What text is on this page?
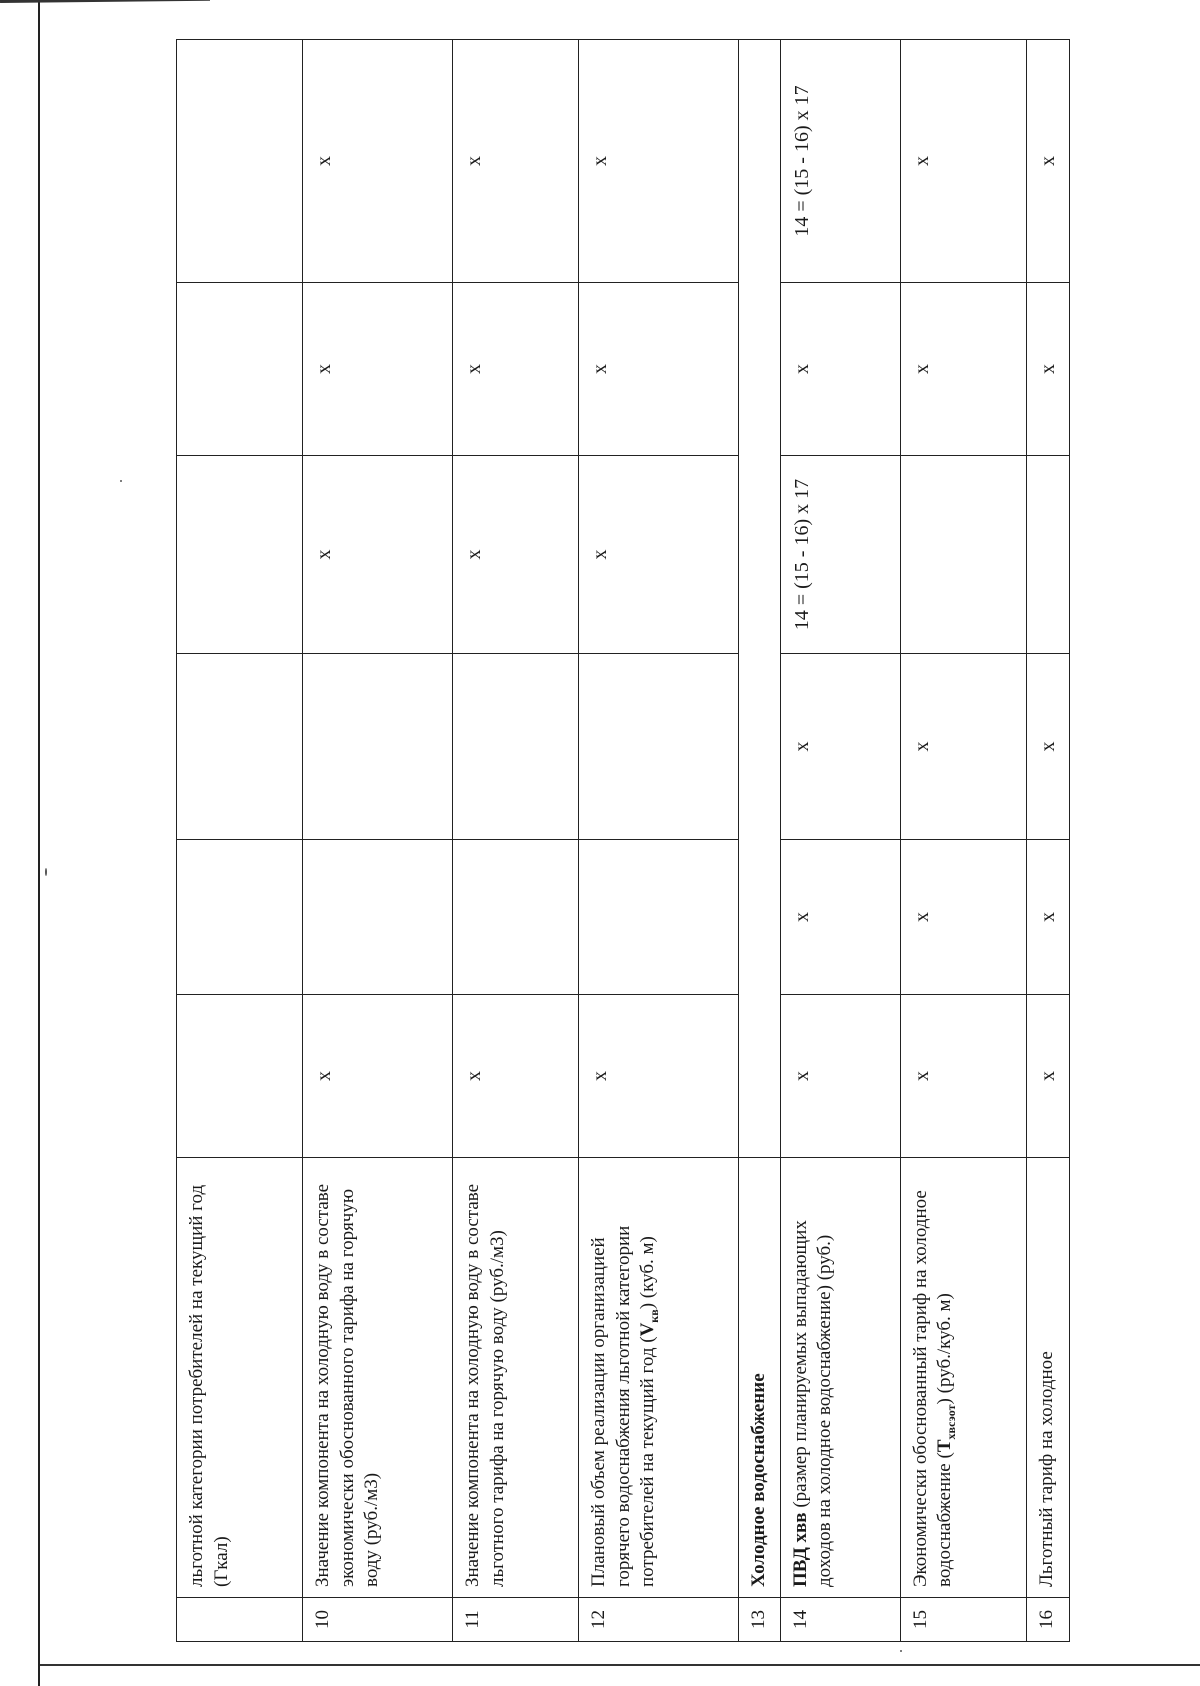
	льготной категории потребителей на текущий год (Гкал)						
10	Значение компонента на холодную воду в составе экономически обоснованного тарифа на горячую воду (руб./м3)	х			х	х	х
11	Значение компонента на холодную воду в составе льготного тарифа на горячую воду (руб./м3)	х			х	х	х
12	Плановый объем реализации организацией горячего водоснабжения льготной категории потребителей на текущий год $(V_{кв})$ (куб. м)	х			х	х	х
13	Холодное водоснабжение						
14	ПВД хвв (размер планируемых выпадающих доходов на холодное водоснабжение) (руб.)	х	х	х	14 = (15 - 16) х 17	х	14 = (15 - 16) х 17
15	Экономически обоснованный тариф на холодное водоснабжение $(Т_{хвсэот})$ (руб./куб. м)	х	х	х		х	х
16	Льготный тариф на холодное	х	х	х		х	х
